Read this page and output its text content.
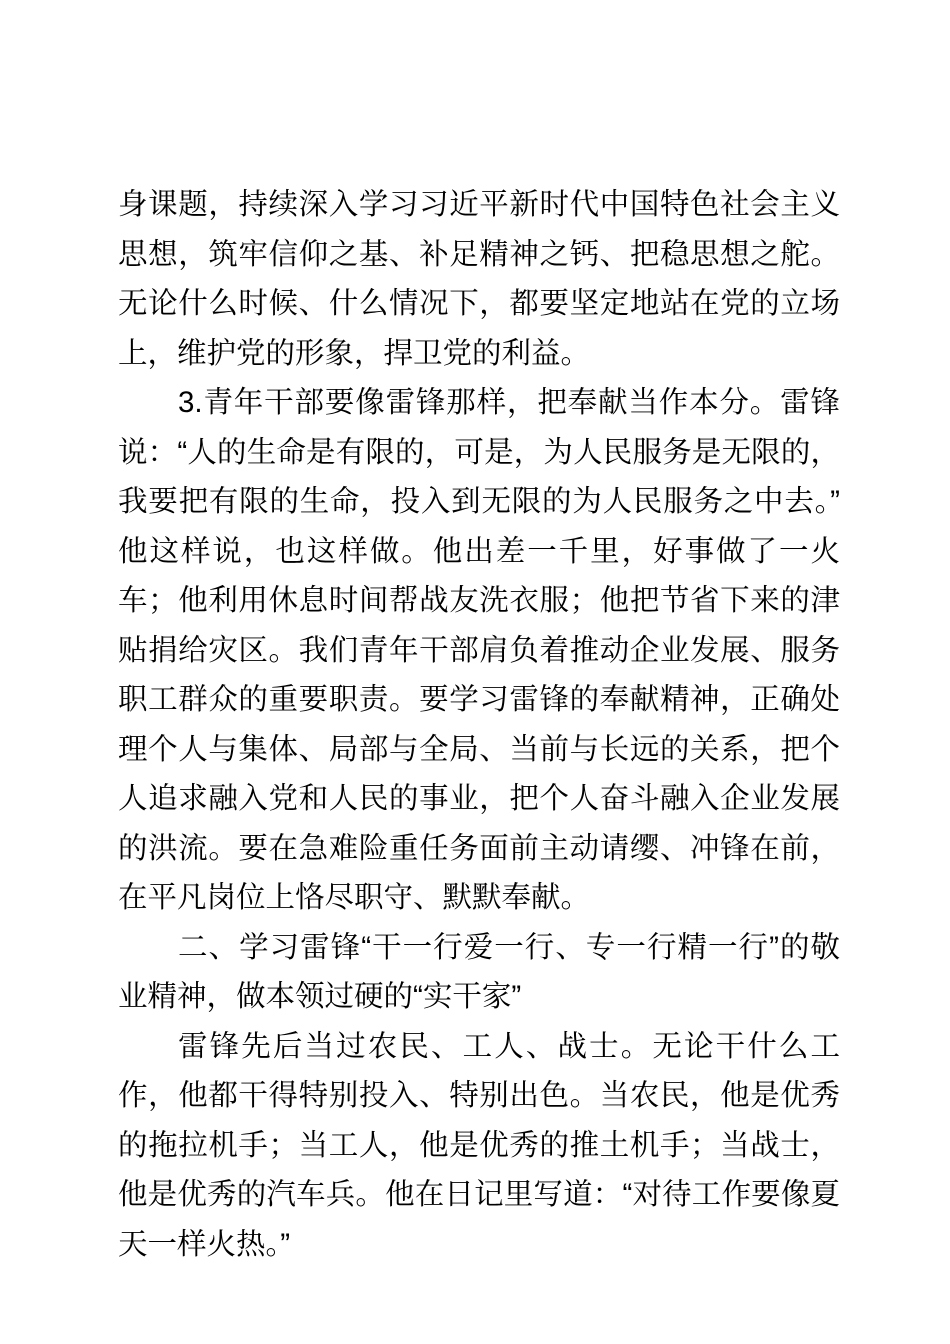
身课题，持续深入学习习近平新时代中国特色社会主义思想，筑牢信仰之基、补足精神之钙、把稳思想之舵。无论什么时候、什么情况下，都要坚定地站在党的立场上，维护党的形象，捍卫党的利益。

3.青年干部要像雷锋那样，把奉献当作本分。雷锋说：“人的生命是有限的，可是，为人民服务是无限的，我要把有限的生命，投入到无限的为人民服务之中去。”他这样说，也这样做。他出差一千里，好事做了一火车；他利用休息时间帮战友洗衣服；他把节省下来的津贴捐给灾区。我们青年干部肩负着推动企业发展、服务职工群众的重要职责。要学习雷锋的奉献精神，正确处理个人与集体、局部与全局、当前与长远的关系，把个人追求融入党和人民的事业，把个人奋斗融入企业发展的洪流。要在急难险重任务面前主动请缨、冲锋在前，在平凡岗位上恪尽职守、默默奉献。

二、学习雷锋“干一行爱一行、专一行精一行”的敬业精神，做本领过硬的“实干家”

雷锋先后当过农民、工人、战士。无论干什么工作，他都干得特别投入、特别出色。当农民，他是优秀的拖拉机手；当工人，他是优秀的推土机手；当战士，他是优秀的汽车兵。他在日记里写道：“对待工作要像夏天一样火热。”
